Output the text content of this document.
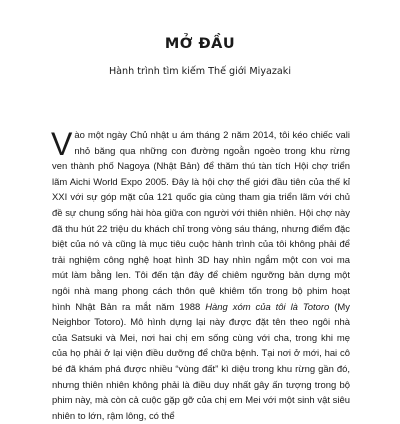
MỞ ĐẦU

Hành trình tìm kiếm Thế giới Miyazaki

Vào một ngày Chủ nhật u ám tháng 2 năm 2014, tôi kéo chiếc vali nhỏ băng qua những con đường ngoằn ngoèo trong khu rừng ven thành phố Nagoya (Nhật Bản) để thăm thú tàn tích Hội chợ triển lãm Aichi World Expo 2005. Đây là hội chợ thế giới đầu tiên của thế kỉ XXI với sự góp mặt của 121 quốc gia cùng tham gia triển lãm với chủ đề sự chung sống hài hòa giữa con người với thiên nhiên. Hội chợ này đã thu hút 22 triệu du khách chỉ trong vòng sáu tháng, nhưng điểm đặc biệt của nó và cũng là mục tiêu cuộc hành trình của tôi không phải để trải nghiệm công nghệ hoạt hình 3D hay nhìn ngắm một con voi ma mút làm bằng len. Tôi đến tận đây để chiêm ngưỡng bản dựng một ngôi nhà mang phong cách thôn quê khiêm tốn trong bộ phim hoạt hình Nhật Bản ra mắt năm 1988 Hàng xóm của tôi là Totoro (My Neighbor Totoro). Mô hình dựng lại này được đặt tên theo ngôi nhà của Satsuki và Mei, nơi hai chị em sống cùng với cha, trong khi mẹ của họ phải ở lại viện điều dưỡng để chữa bệnh. Tại nơi ở mới, hai cô bé đã khám phá được nhiều “vùng đất” kì diệu trong khu rừng gần đó, nhưng thiên nhiên không phải là điều duy nhất gây ấn tượng trong bộ phim này, mà còn cả cuộc gặp gỡ của chị em Mei với một sinh vật siêu nhiên to lớn, rậm lông, có thể
